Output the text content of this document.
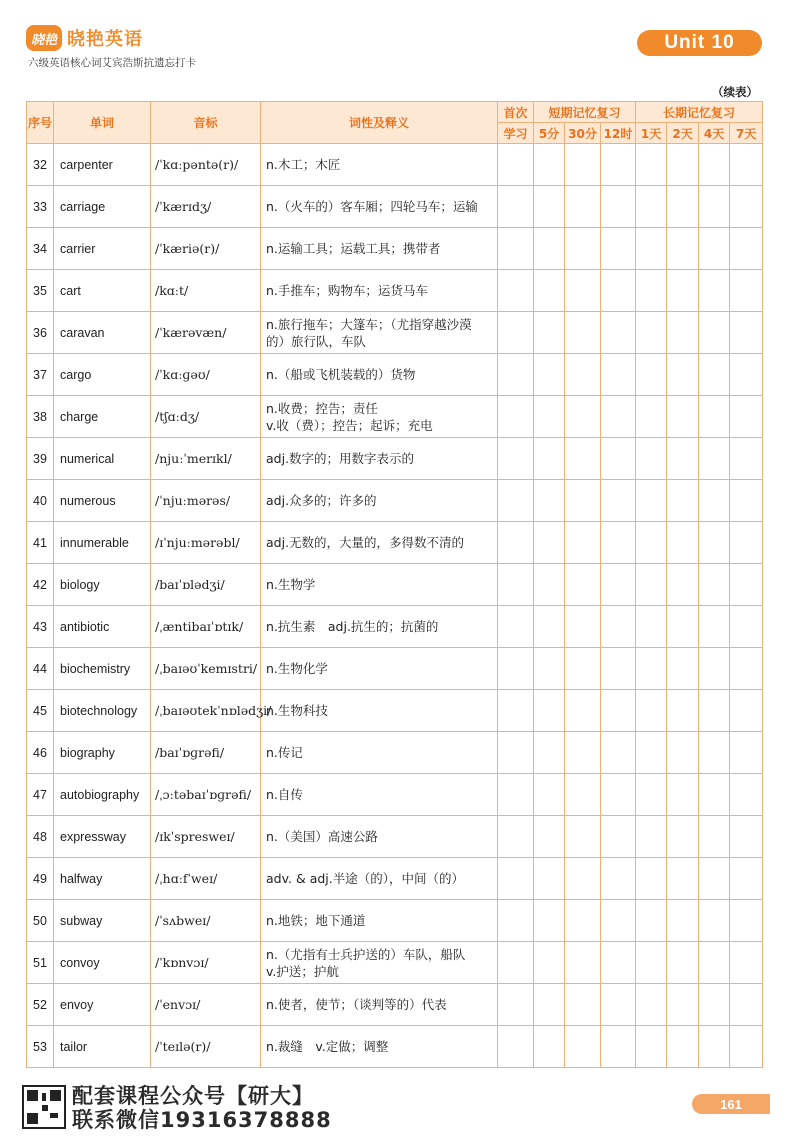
晓艳 晓艳英语
六级英语核心词艾宾浩斯抗遗忘打卡
Unit 10
（续表）
序号	单词	音标	词性及释义	首次	短期记忆复习			长期记忆复习			
				学习	5分	30分	12时	1天	2天	4天	7天
32	carpenter	/ˈkɑːpəntə(r)/	n.木工；木匠								

33	carriage	/ˈkærɪdʒ/	n.（火车的）客车厢；四轮马车；运输								

34	carrier	/ˈkæriə(r)/	n.运输工具；运载工具；携带者								

35	cart	/kɑːt/	n.手推车；购物车；运货马车								

36	caravan	/ˈkærəvæn/	n.旅行拖车；大篷车；（尤指穿越沙漠
的）旅行队，车队								

37	cargo	/ˈkɑːɡəʊ/	n.（船或飞机装载的）货物								

38	charge	/tʃɑːdʒ/	n.收费；控告；责任
v.收（费）；控告；起诉；充电								

39	numerical	/njuːˈmerɪkl/	adj.数字的；用数字表示的								

40	numerous	/ˈnjuːmərəs/	adj.众多的；许多的								

41	innumerable	/ɪˈnjuːmərəbl/	adj.无数的，大量的，多得数不清的								

42	biology	/baɪˈɒlədʒi/	n.生物学								

43	antibiotic	/ˌæntibaɪˈɒtɪk/	n.抗生素　adj.抗生的；抗菌的								

44	biochemistry	/ˌbaɪəʊˈkemɪstri/	n.生物化学								

45	biotechnology	/ˌbaɪəʊtekˈnɒlədʒi/	n.生物科技								

46	biography	/baɪˈɒɡrəfi/	n.传记								

47	autobiography	/ˌɔːtəbaɪˈɒɡrəfi/	n.自传								

48	expressway	/ɪkˈspresweɪ/	n.（美国）高速公路								

49	halfway	/ˌhɑːfˈweɪ/	adv. & adj.半途（的），中间（的）								

50	subway	/ˈsʌbweɪ/	n.地铁；地下通道								

51	convoy	/ˈkɒnvɔɪ/	n.（尤指有士兵护送的）车队，船队
v.护送；护航								

52	envoy	/ˈenvɔɪ/	n.使者，使节；（谈判等的）代表								

53	tailor	/ˈteɪlə(r)/	n.裁缝　v.定做；调整								

配套课程公众号【研大】
联系微信19316378888
161
